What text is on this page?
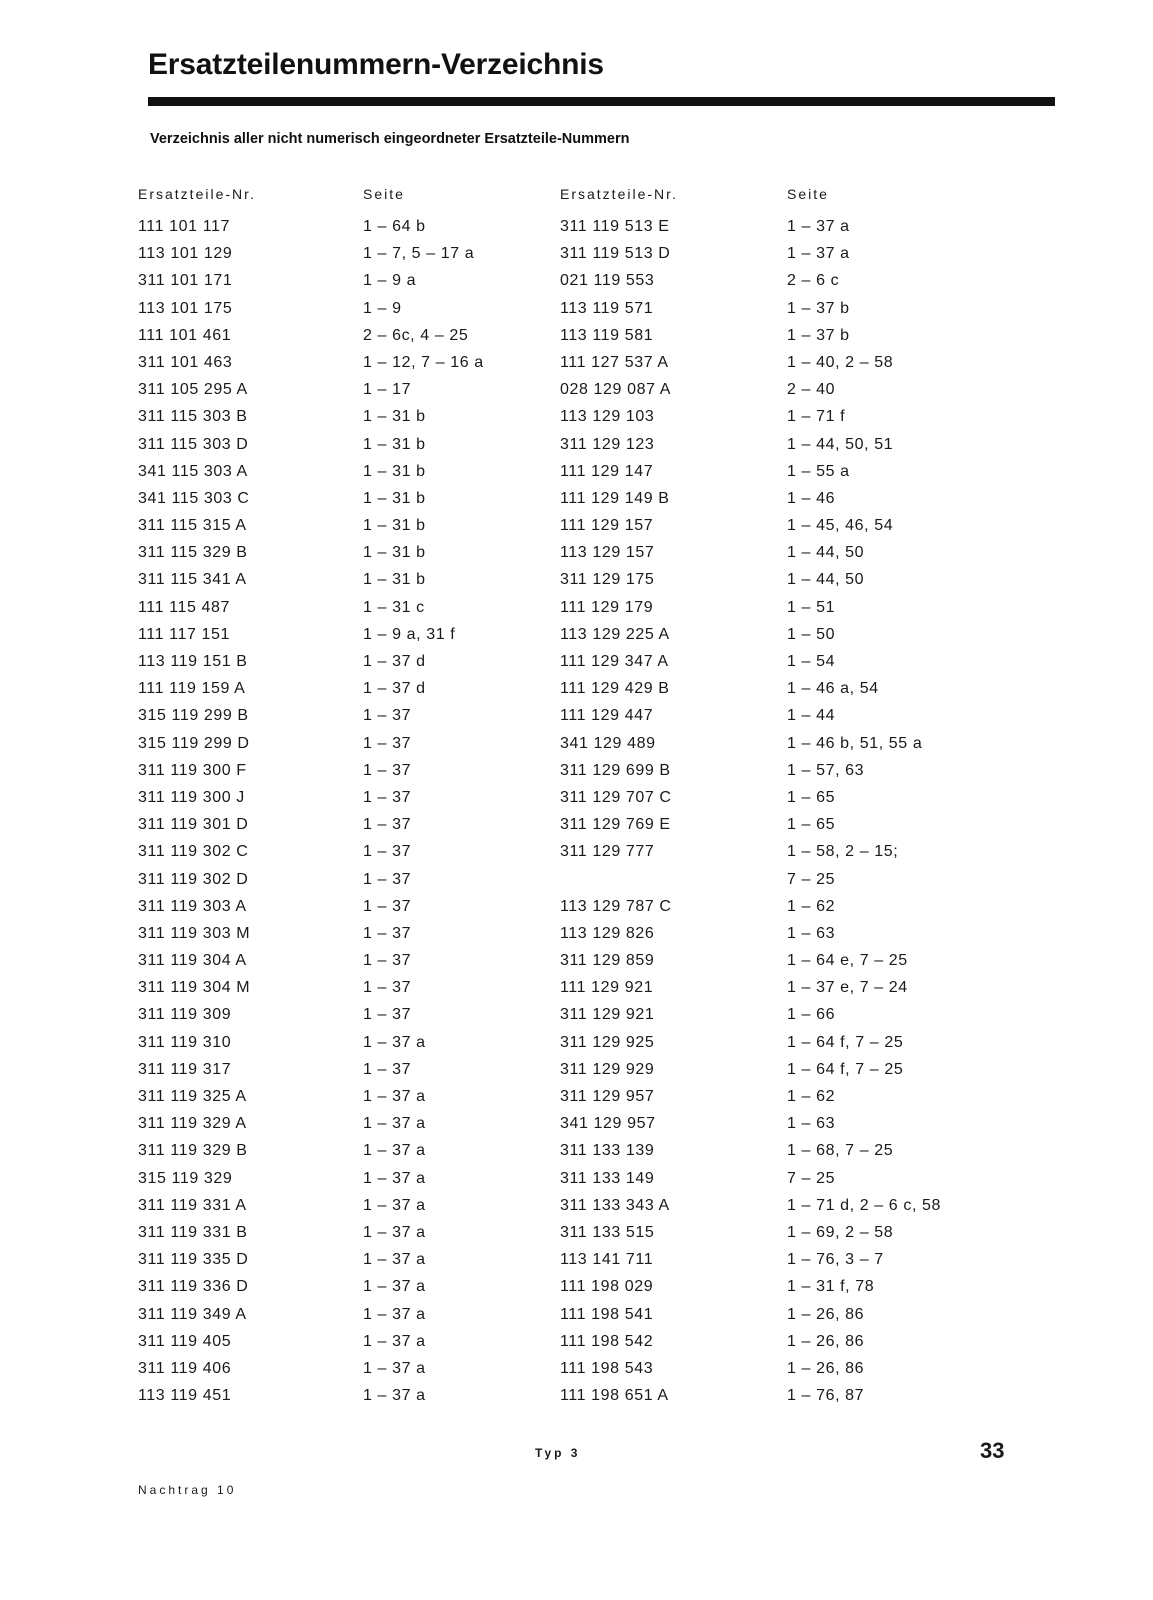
Ersatzteilenummern-Verzeichnis

Verzeichnis aller nicht numerisch eingeordneter Ersatzteile-Nummern

Ersatzteile-Nr.
111 101 117
113 101 129
311 101 171
113 101 175
111 101 461
311 101 463
311 105 295 A
311 115 303 B
311 115 303 D
341 115 303 A
341 115 303 C
311 115 315 A
311 115 329 B
311 115 341 A
111 115 487
111 117 151
113 119 151 B
111 119 159 A
315 119 299 B
315 119 299 D
311 119 300 F
311 119 300 J
311 119 301 D
311 119 302 C
311 119 302 D
311 119 303 A
311 119 303 M
311 119 304 A
311 119 304 M
311 119 309
311 119 310
311 119 317
311 119 325 A
311 119 329 A
311 119 329 B
315 119 329
311 119 331 A
311 119 331 B
311 119 335 D
311 119 336 D
311 119 349 A
311 119 405
311 119 406
113 119 451
Seite
1 – 64 b
1 – 7, 5 – 17 a
1 – 9 a
1 – 9
2 – 6c, 4 – 25
1 – 12, 7 – 16 a
1 – 17
1 – 31 b
1 – 31 b
1 – 31 b
1 – 31 b
1 – 31 b
1 – 31 b
1 – 31 b
1 – 31 c
1 – 9 a, 31 f
1 – 37 d
1 – 37 d
1 – 37
1 – 37
1 – 37
1 – 37
1 – 37
1 – 37
1 – 37
1 – 37
1 – 37
1 – 37
1 – 37
1 – 37
1 – 37 a
1 – 37
1 – 37 a
1 – 37 a
1 – 37 a
1 – 37 a
1 – 37 a
1 – 37 a
1 – 37 a
1 – 37 a
1 – 37 a
1 – 37 a
1 – 37 a
1 – 37 a
Ersatzteile-Nr.
311 119 513 E
311 119 513 D
021 119 553
113 119 571
113 119 581
111 127 537 A
028 129 087 A
113 129 103
311 129 123
111 129 147
111 129 149 B
111 129 157
113 129 157
311 129 175
111 129 179
113 129 225 A
111 129 347 A
111 129 429 B
111 129 447
341 129 489
311 129 699 B
311 129 707 C
311 129 769 E
311 129 777
113 129 787 C
113 129 826
311 129 859
111 129 921
311 129 921
311 129 925
311 129 929
311 129 957
341 129 957
311 133 139
311 133 149
311 133 343 A
311 133 515
113 141 711
111 198 029
111 198 541
111 198 542
111 198 543
111 198 651 A
Seite
1 – 37 a
1 – 37 a
2 – 6 c
1 – 37 b
1 – 37 b
1 – 40, 2 – 58
2 – 40
1 – 71 f
1 – 44, 50, 51
1 – 55 a
1 – 46
1 – 45, 46, 54
1 – 44, 50
1 – 44, 50
1 – 51
1 – 50
1 – 54
1 – 46 a, 54
1 – 44
1 – 46 b, 51, 55 a
1 – 57, 63
1 – 65
1 – 65
1 – 58, 2 – 15;
7 – 25
1 – 62
1 – 63
1 – 64 e, 7 – 25
1 – 37 e, 7 – 24
1 – 66
1 – 64 f, 7 – 25
1 – 64 f, 7 – 25
1 – 62
1 – 63
1 – 68, 7 – 25
7 – 25
1 – 71 d, 2 – 6 c, 58
1 – 69, 2 – 58
1 – 76, 3 – 7
1 – 31 f, 78
1 – 26, 86
1 – 26, 86
1 – 26, 86
1 – 76, 87
Typ 3	33
Nachtrag 10
